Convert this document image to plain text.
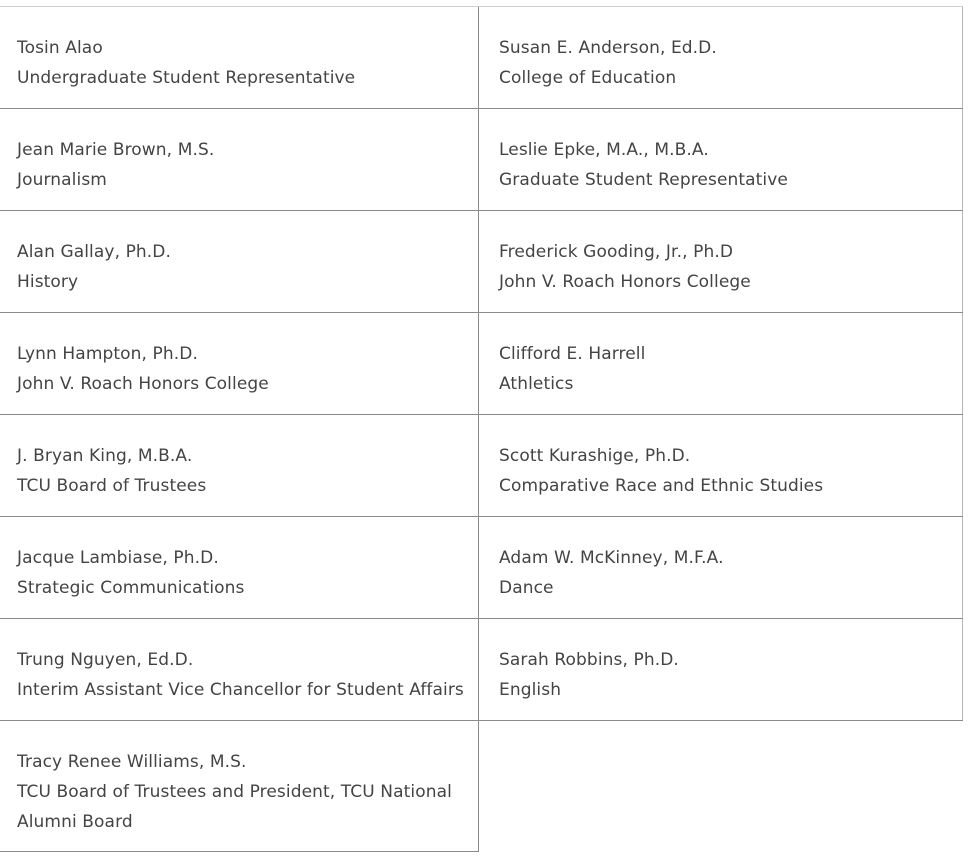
Tosin Alao
Undergraduate Student Representative
Susan E. Anderson, Ed.D.
College of Education
Jean Marie Brown, M.S.
Journalism
Leslie Epke, M.A., M.B.A.
Graduate Student Representative
Alan Gallay, Ph.D.
History
Frederick Gooding, Jr., Ph.D
John V. Roach Honors College
Lynn Hampton, Ph.D.
John V. Roach Honors College
Clifford E. Harrell
Athletics
J. Bryan King, M.B.A.
TCU Board of Trustees
Scott Kurashige, Ph.D.
Comparative Race and Ethnic Studies
Jacque Lambiase, Ph.D.
Strategic Communications
Adam W. McKinney, M.F.A.
Dance
Trung Nguyen, Ed.D.
Interim Assistant Vice Chancellor for Student Affairs
Sarah Robbins, Ph.D.
English
Tracy Renee Williams, M.S.
TCU Board of Trustees and President, TCU National Alumni Board
